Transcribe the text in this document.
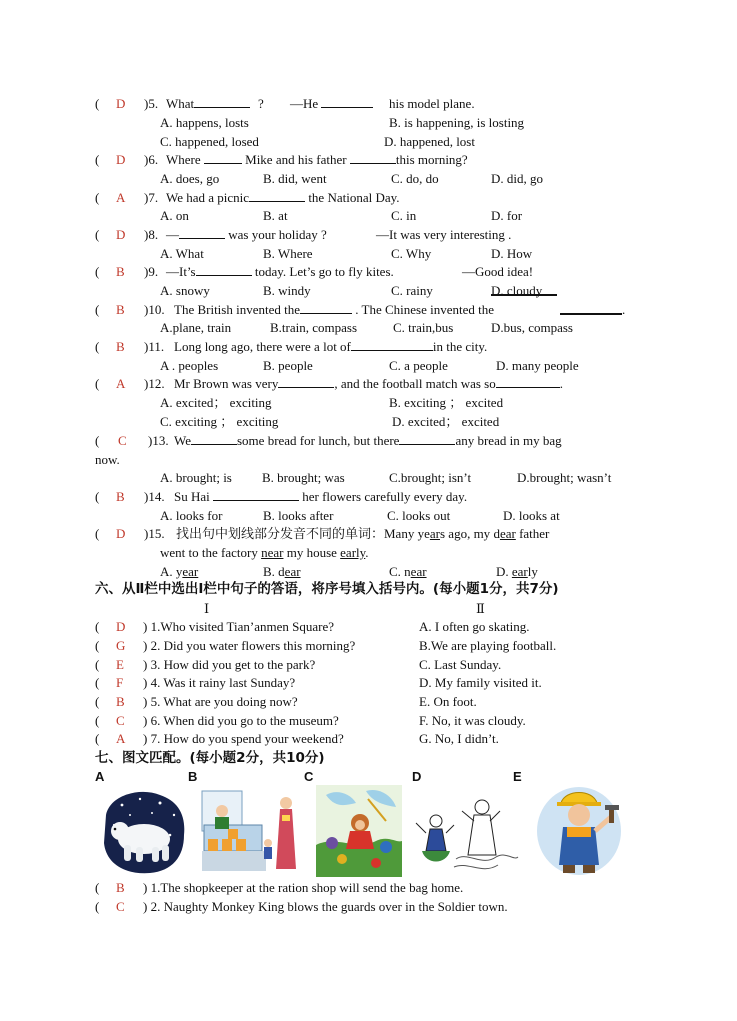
( D )5. What	? —He	his model plane.
A. happens, losts	B. is happening, is losting
C. happened, losed	D. happened, lost
( D )6. Where	Mike and his father	this morning?
A. does, go	B. did, went	C. do, do	D. did, go
( A )7. We had a picnic	the National Day.
A. on	B. at	C. in	D. for
( D )8. —	was your holiday ?	—It was very interesting .
A. What	B. Where	C. Why	D. How
( B )9. —It’s	today. Let’s go to fly kites.	—Good idea!
A. snowy	B. windy	C. rainy	D. cloudy
( B )10. The British invented the	. The Chinese invented the	.
A.plane, train	B.train, compass	C. train,bus	D.bus, compass
( B )11. Long long ago, there were a lot of	in the city.
A . peoples	B. people	C. a people	D. many people
( A )12. Mr Brown was very	, and the football match was so	.
A. excited； exciting	B. exciting ； excited
C. exciting ； exciting	D. excited； excited
( C )13. We	some bread for lunch, but there	any bread in my bag
now.
A. brought; is B. brought; was	C.brought; isn’t	D.brought; wasn’t
( B )14. Su Hai	her flowers carefully every day.
A. looks for	B. looks after	C. looks out	D. looks at
( D )15. 找出句中划线部分发音不同的单词：Many years ago, my dear father
went to the factory near my house early.
A. year	B. dear	C. near	D. early
六、从Ⅱ栏中选出Ⅰ栏中句子的答语，将序号填入括号内。(每小题1分，共7分)
Ⅰ	Ⅱ
( D ) 1.Who visited Tian’anmen Square?	A. I often go skating.
( G ) 2. Did you water flowers this morning?	B.We are playing football.
( E ) 3. How did you get to the park?	C. Last Sunday.
( F ) 4. Was it rainy last Sunday?	D. My family visited it.
( B ) 5. What are you doing now?	E. On foot.
( C ) 6. When did you go to the museum?	F. No, it was cloudy.
( A ) 7. How do you spend your weekend?	G. No, I didn’t.
七、图文匹配。(每小题2分，共10分)
A	B	C	D	E
( B ) 1.The shopkeeper at the ration shop will send the bag home.
( C ) 2. Naughty Monkey King blows the guards over in the Soldier town.
